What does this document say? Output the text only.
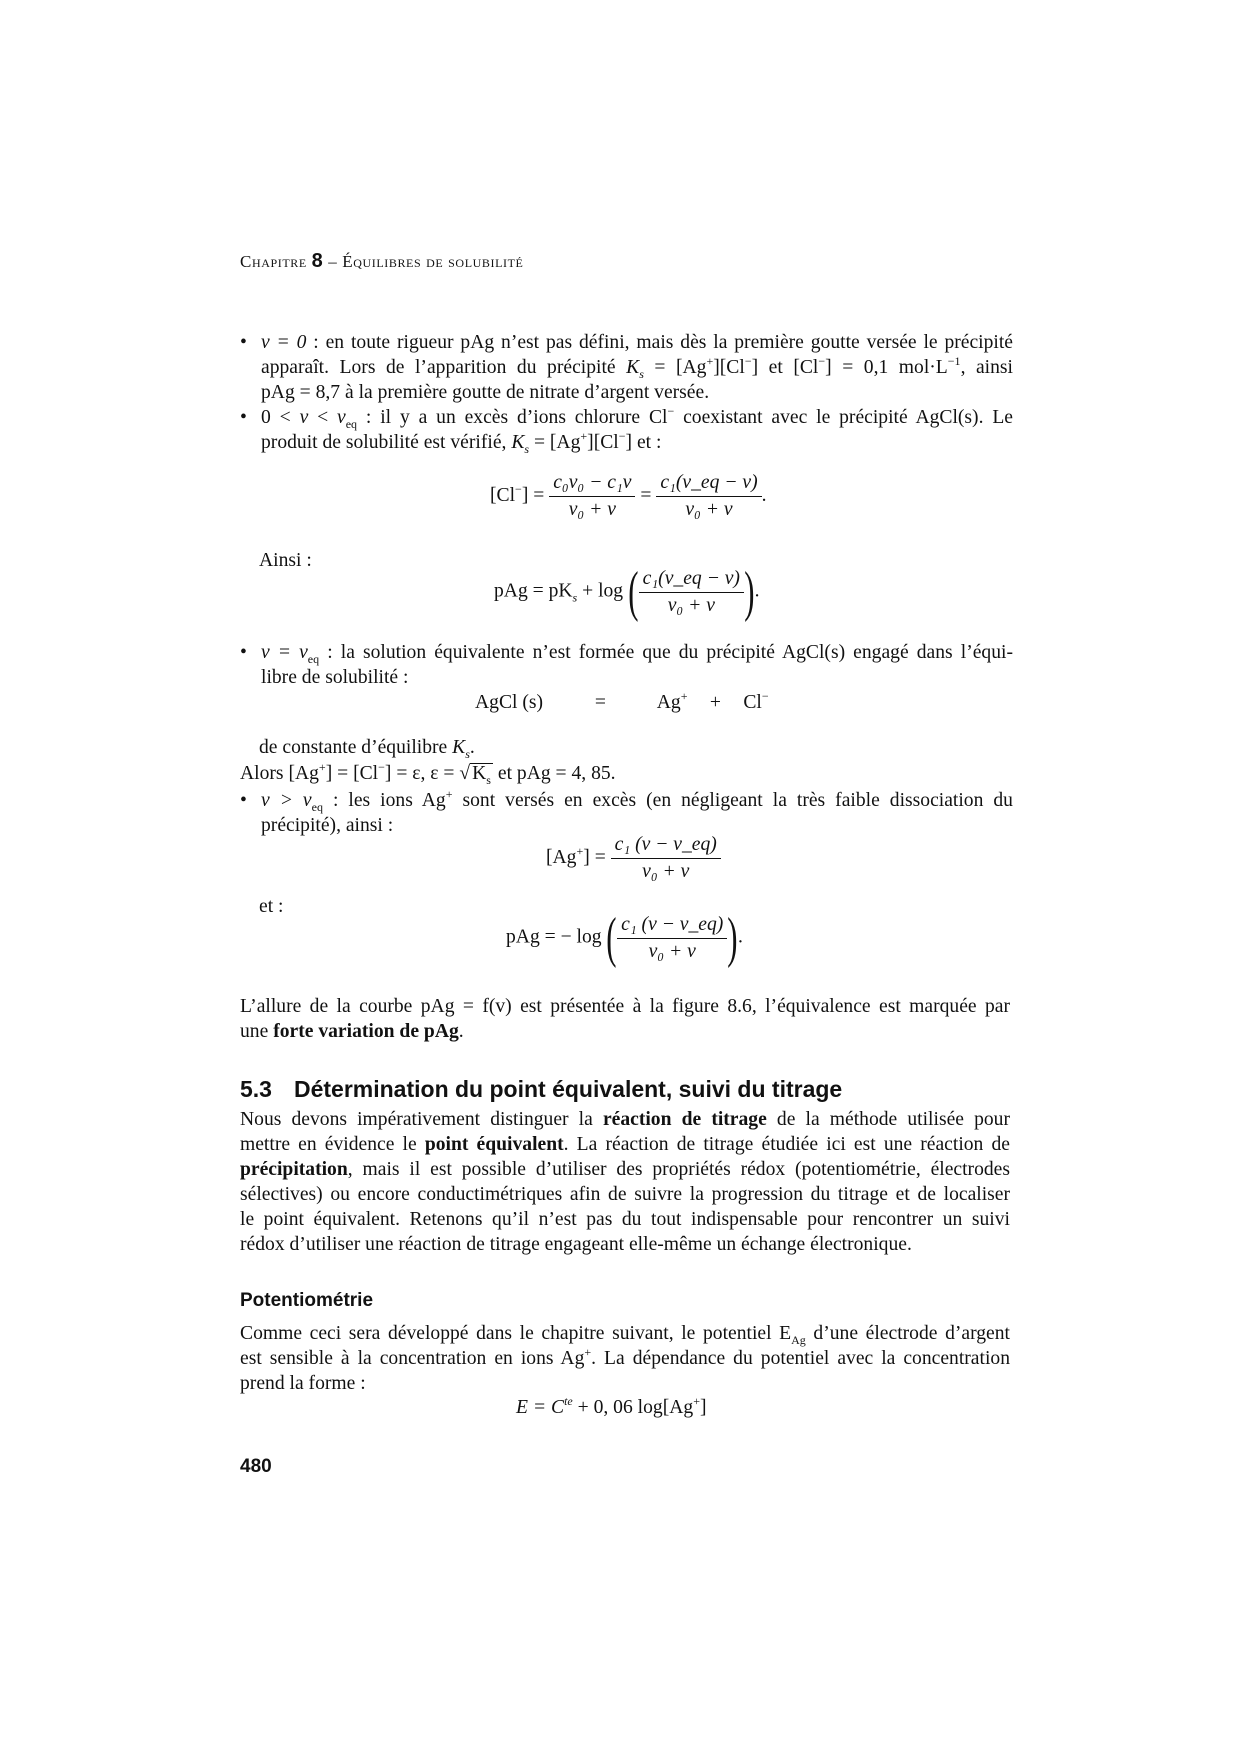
Chapitre 8 – Équilibres de solubilité
• v = 0 : en toute rigueur pAg n’est pas défini, mais dès la première goutte versée le précipité
apparaît. Lors de l’apparition du précipité $K_s = [Ag^+][Cl^-]$ et [Cl−] = 0,1 $mol\cdot L^{-1}$, ainsi
pAg = 8,7 à la première goutte de nitrate d’argent versée.
• $0 < v < v_{eq}$ : il y a un excès d’ions chlorure Cl− coexistant avec le précipité AgCl(s). Le
produit de solubilité est vérifié, $K_s = [Ag^+][Cl^-]$ et :
$[Cl^-] = \frac{\text{c₀v₀ − c₁v}}{\text{v₀ + v}} = \frac{\text{c₁(v\_eq − v)}}{\text{v₀ + v}}$ .
Ainsi :
pAg = $pK_s + \log$ ( $\frac{\text{c₁(v\_eq − v)}}{\text{v₀ + v}}$ ).
• $v = v_{eq}$ : la solution équivalente n’est formée que du précipité AgCl(s) engagé dans l’équi-
libre de solubilité :
AgCl (s)	=	Ag+ + Cl−
de constante d’équilibre $K_s$.
Alors [Ag+] = [Cl−] = ε, ε = √ $K_s$ et pAg = 4, 85.
• $v > v_{eq}$ : les ions Ag+ sont versés en excès (en négligeant la très faible dissociation du
précipité), ainsi :
$[Ag^+] = \frac{\text{c₁ (v − v\_eq)}}{\text{v₀ + v}}$
et :
pAg = − log ( $\frac{\text{c₁ (v − v\_eq)}}{\text{v₀ + v}}$ ).
L’allure de la courbe pAg = f(v) est présentée à la figure 8.6, l’équivalence est marquée par
une forte variation de pAg.
5.3 Détermination du point équivalent, suivi du titrage
Nous devons impérativement distinguer la réaction de titrage de la méthode utilisée pour
mettre en évidence le point équivalent. La réaction de titrage étudiée ici est une réaction de
précipitation, mais il est possible d’utiliser des propriétés rédox (potentiométrie, électrodes
sélectives) ou encore conductimétriques afin de suivre la progression du titrage et de localiser
le point équivalent. Retenons qu’il n’est pas du tout indispensable pour rencontrer un suivi
rédox d’utiliser une réaction de titrage engageant elle-même un échange électronique.
Potentiométrie
Comme ceci sera développé dans le chapitre suivant, le potentiel $E_{Ag}$ d’une électrode d’argent
est sensible à la concentration en ions Ag+. La dépendance du potentiel avec la concentration
prend la forme :
$E = C^{te} + 0$, 06 log[Ag+]
480
